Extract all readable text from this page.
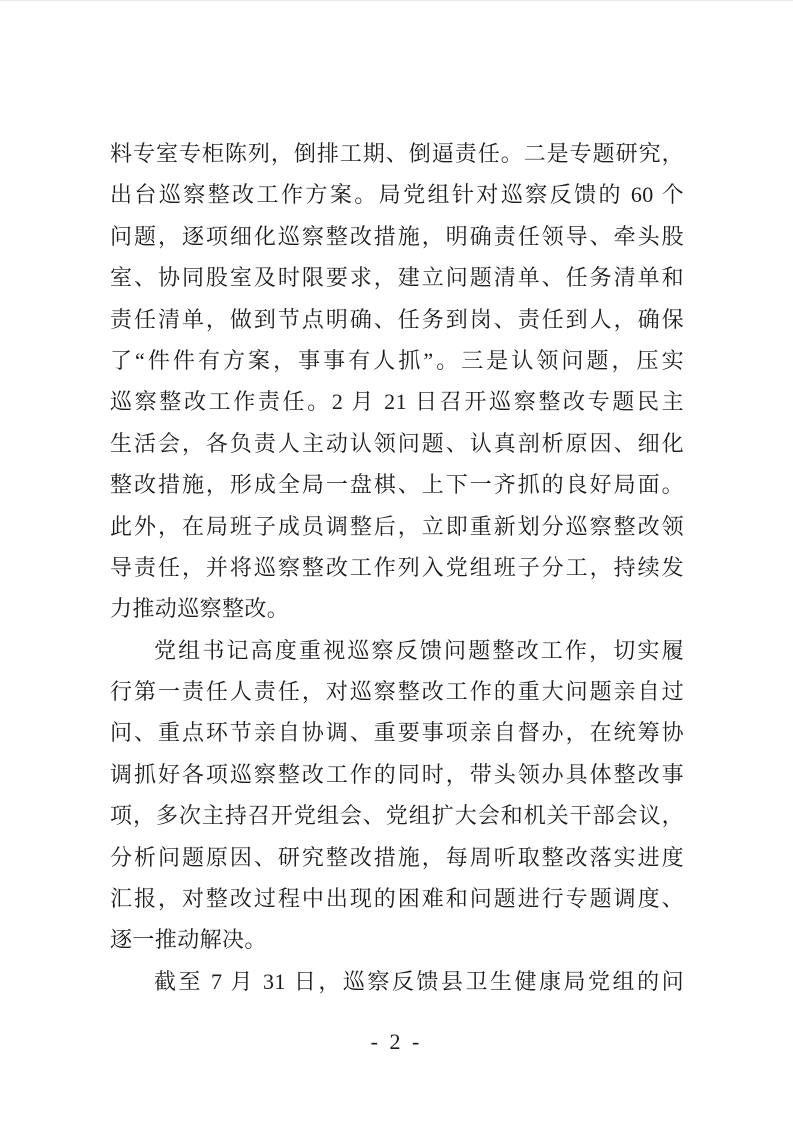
料专室专柜陈列，倒排工期、倒逼责任。二是专题研究，
出台巡察整改工作方案。局党组针对巡察反馈的 60 个
问题，逐项细化巡察整改措施，明确责任领导、牵头股
室、协同股室及时限要求，建立问题清单、任务清单和
责任清单，做到节点明确、任务到岗、责任到人，确保
了“件件有方案，事事有人抓”。三是认领问题，压实
巡察整改工作责任。2 月 21 日召开巡察整改专题民主
生活会，各负责人主动认领问题、认真剖析原因、细化
整改措施，形成全局一盘棋、上下一齐抓的良好局面。
此外，在局班子成员调整后，立即重新划分巡察整改领
导责任，并将巡察整改工作列入党组班子分工，持续发
力推动巡察整改。
党组书记高度重视巡察反馈问题整改工作，切实履
行第一责任人责任，对巡察整改工作的重大问题亲自过
问、重点环节亲自协调、重要事项亲自督办，在统筹协
调抓好各项巡察整改工作的同时，带头领办具体整改事
项，多次主持召开党组会、党组扩大会和机关干部会议，
分析问题原因、研究整改措施，每周听取整改落实进度
汇报，对整改过程中出现的困难和问题进行专题调度、
逐一推动解决。
截至 7 月 31 日，巡察反馈县卫生健康局党组的问
- 2 -
